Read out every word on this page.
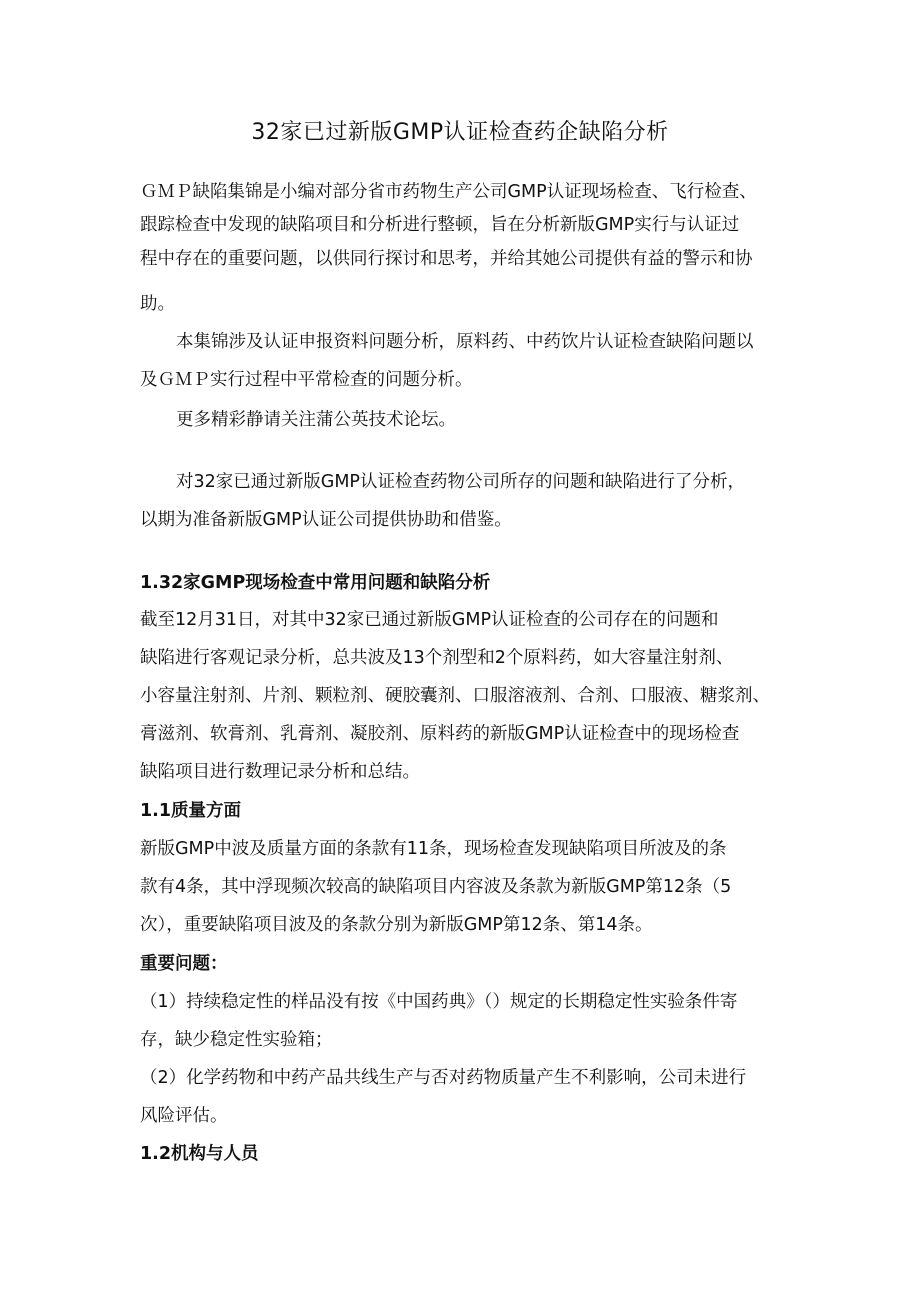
32家已过新版GMP认证检查药企缺陷分析
ＧＭＰ缺陷集锦是小编对部分省市药物生产公司GMP认证现场检查、飞行检查、
跟踪检查中发现的缺陷项目和分析进行整顿，旨在分析新版GMP实行与认证过
程中存在的重要问题，以供同行探讨和思考，并给其她公司提供有益的警示和协
助。
本集锦涉及认证申报资料问题分析，原料药、中药饮片认证检查缺陷问题以
及ＧＭＰ实行过程中平常检查的问题分析。
更多精彩静请关注蒲公英技术论坛。
对32家已通过新版GMP认证检查药物公司所存的问题和缺陷进行了分析，
以期为准备新版GMP认证公司提供协助和借鉴。
1.32家GMP现场检查中常用问题和缺陷分析
截至12月31日，对其中32家已通过新版GMP认证检查的公司存在的问题和
缺陷进行客观记录分析，总共波及13个剂型和2个原料药，如大容量注射剂、
小容量注射剂、片剂、颗粒剂、硬胶囊剂、口服溶液剂、合剂、口服液、糖浆剂、
膏滋剂、软膏剂、乳膏剂、凝胶剂、原料药的新版GMP认证检查中的现场检查
缺陷项目进行数理记录分析和总结。
1.1质量方面
新版GMP中波及质量方面的条款有11条，现场检查发现缺陷项目所波及的条
款有4条，其中浮现频次较高的缺陷项目内容波及条款为新版GMP第12条（5
次），重要缺陷项目波及的条款分别为新版GMP第12条、第14条。
重要问题：
（1）持续稳定性的样品没有按《中国药典》（）规定的长期稳定性实验条件寄
存，缺少稳定性实验箱；
（2）化学药物和中药产品共线生产与否对药物质量产生不利影响，公司未进行
风险评估。
1.2机构与人员
